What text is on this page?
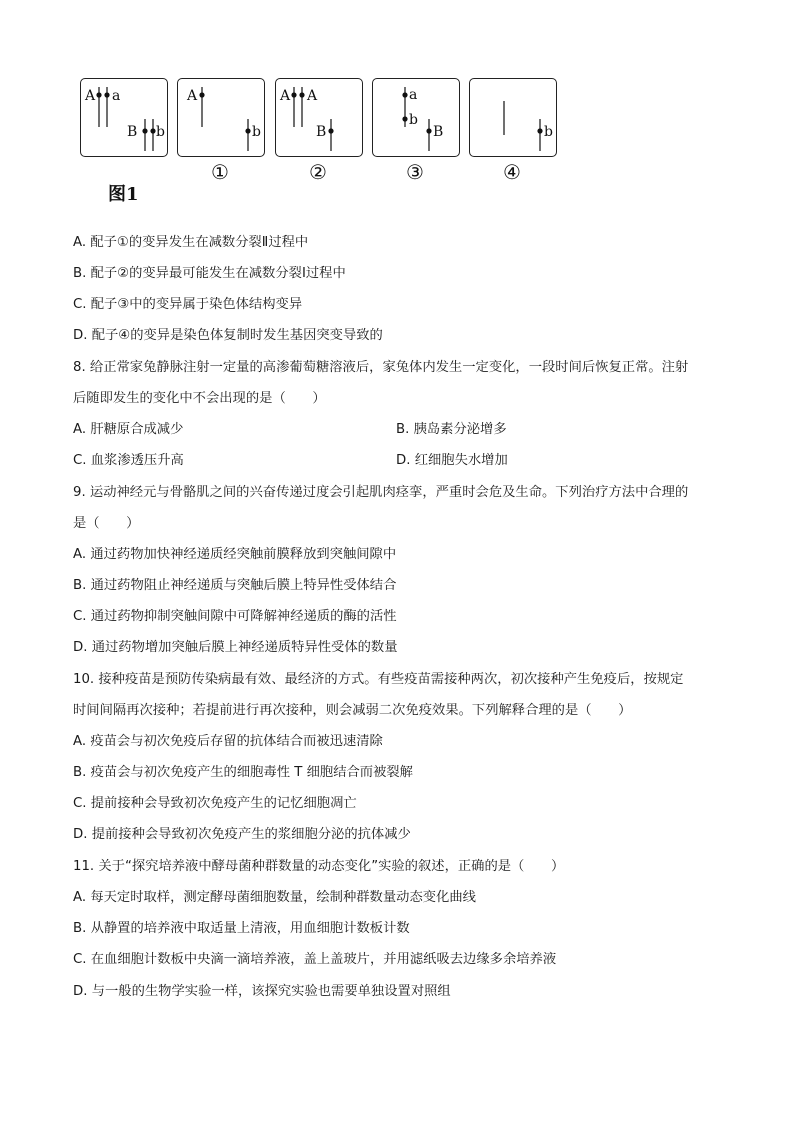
A a
B b
A
b
A A
B
a
b
B	b
①	②	③	④
图1
A. 配子①的变异发生在减数分裂Ⅱ过程中
B. 配子②的变异最可能发生在减数分裂Ⅰ过程中
C. 配子③中的变异属于染色体结构变异
D. 配子④的变异是染色体复制时发生基因突变导致的
8. 给正常家兔静脉注射一定量的高渗葡萄糖溶液后，家兔体内发生一定变化，一段时间后恢复正常。注射
后随即发生的变化中不会出现的是（　　）
A. 肝糖原合成减少	B. 胰岛素分泌增多
C. 血浆渗透压升高	D. 红细胞失水增加
9. 运动神经元与骨骼肌之间的兴奋传递过度会引起肌肉痉挛，严重时会危及生命。下列治疗方法中合理的
是（　　）
A. 通过药物加快神经递质经突触前膜释放到突触间隙中
B. 通过药物阻止神经递质与突触后膜上特异性受体结合
C. 通过药物抑制突触间隙中可降解神经递质的酶的活性
D. 通过药物增加突触后膜上神经递质特异性受体的数量
10. 接种疫苗是预防传染病最有效、最经济的方式。有些疫苗需接种两次，初次接种产生免疫后，按规定
时间间隔再次接种；若提前进行再次接种，则会减弱二次免疫效果。下列解释合理的是（　　）
A. 疫苗会与初次免疫后存留的抗体结合而被迅速清除
B. 疫苗会与初次免疫产生的细胞毒性 T 细胞结合而被裂解
C. 提前接种会导致初次免疫产生的记忆细胞凋亡
D. 提前接种会导致初次免疫产生的浆细胞分泌的抗体减少
11. 关于“探究培养液中酵母菌种群数量的动态变化”实验的叙述，正确的是（　　）
A. 每天定时取样，测定酵母菌细胞数量，绘制种群数量动态变化曲线
B. 从静置的培养液中取适量上清液，用血细胞计数板计数
C. 在血细胞计数板中央滴一滴培养液，盖上盖玻片，并用滤纸吸去边缘多余培养液
D. 与一般的生物学实验一样，该探究实验也需要单独设置对照组
